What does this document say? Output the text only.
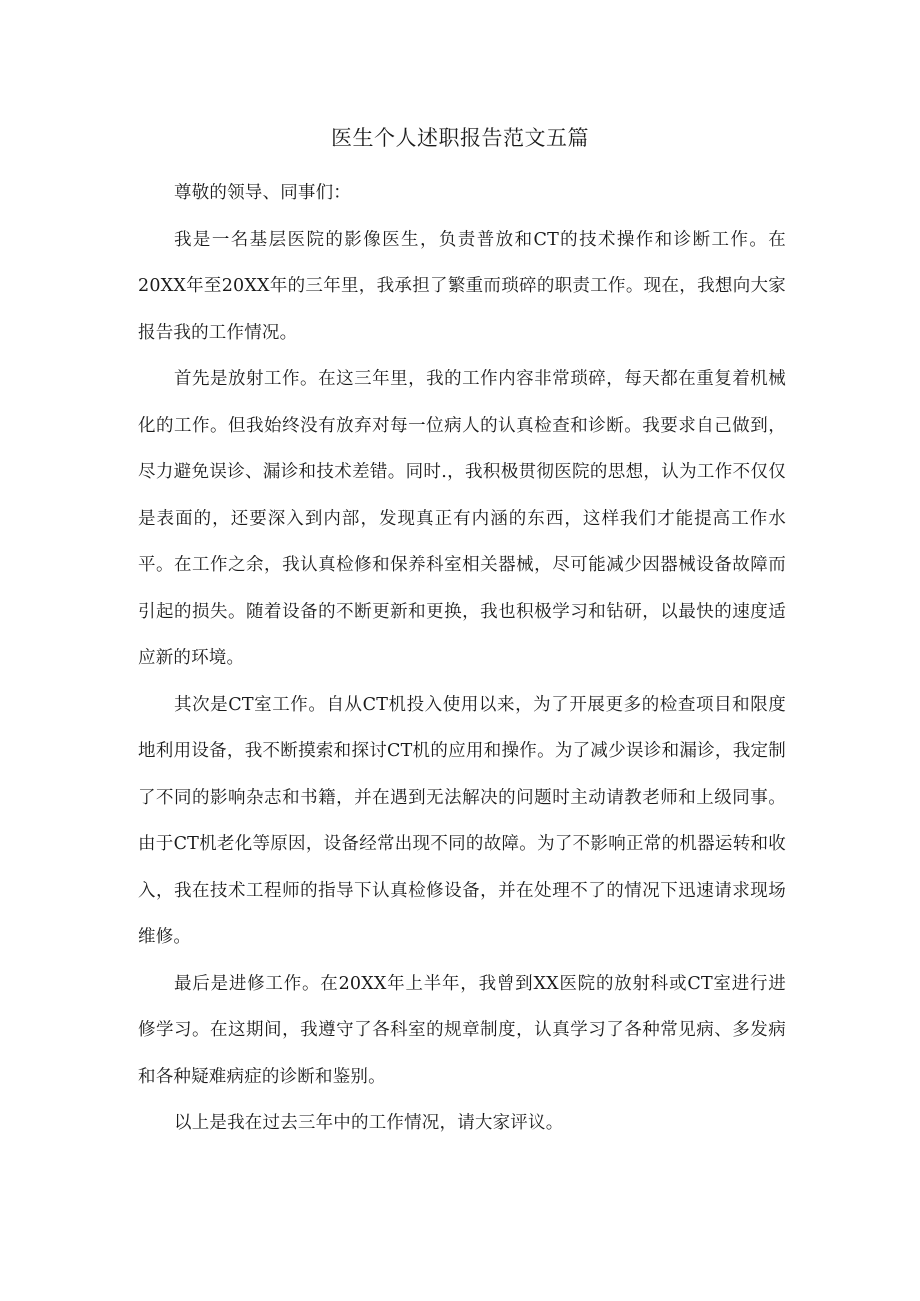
医生个人述职报告范文五篇

尊敬的领导、同事们：

我是一名基层医院的影像医生，负责普放和CT的技术操作和诊断工作。在20XX年至20XX年的三年里，我承担了繁重而琐碎的职责工作。现在，我想向大家报告我的工作情况。

首先是放射工作。在这三年里，我的工作内容非常琐碎，每天都在重复着机械化的工作。但我始终没有放弃对每一位病人的认真检查和诊断。我要求自己做到，尽力避免误诊、漏诊和技术差错。同时.，我积极贯彻医院的思想，认为工作不仅仅是表面的，还要深入到内部，发现真正有内涵的东西，这样我们才能提高工作水平。在工作之余，我认真检修和保养科室相关器械，尽可能减少因器械设备故障而引起的损失。随着设备的不断更新和更换，我也积极学习和钻研，以最快的速度适应新的环境。

其次是CT室工作。自从CT机投入使用以来，为了开展更多的检查项目和限度地利用设备，我不断摸索和探讨CT机的应用和操作。为了减少误诊和漏诊，我定制了不同的影响杂志和书籍，并在遇到无法解决的问题时主动请教老师和上级同事。由于CT机老化等原因，设备经常出现不同的故障。为了不影响正常的机器运转和收入，我在技术工程师的指导下认真检修设备，并在处理不了的情况下迅速请求现场维修。

最后是进修工作。在20XX年上半年，我曾到XX医院的放射科或CT室进行进修学习。在这期间，我遵守了各科室的规章制度，认真学习了各种常见病、多发病和各种疑难病症的诊断和鉴别。

以上是我在过去三年中的工作情况，请大家评议。
